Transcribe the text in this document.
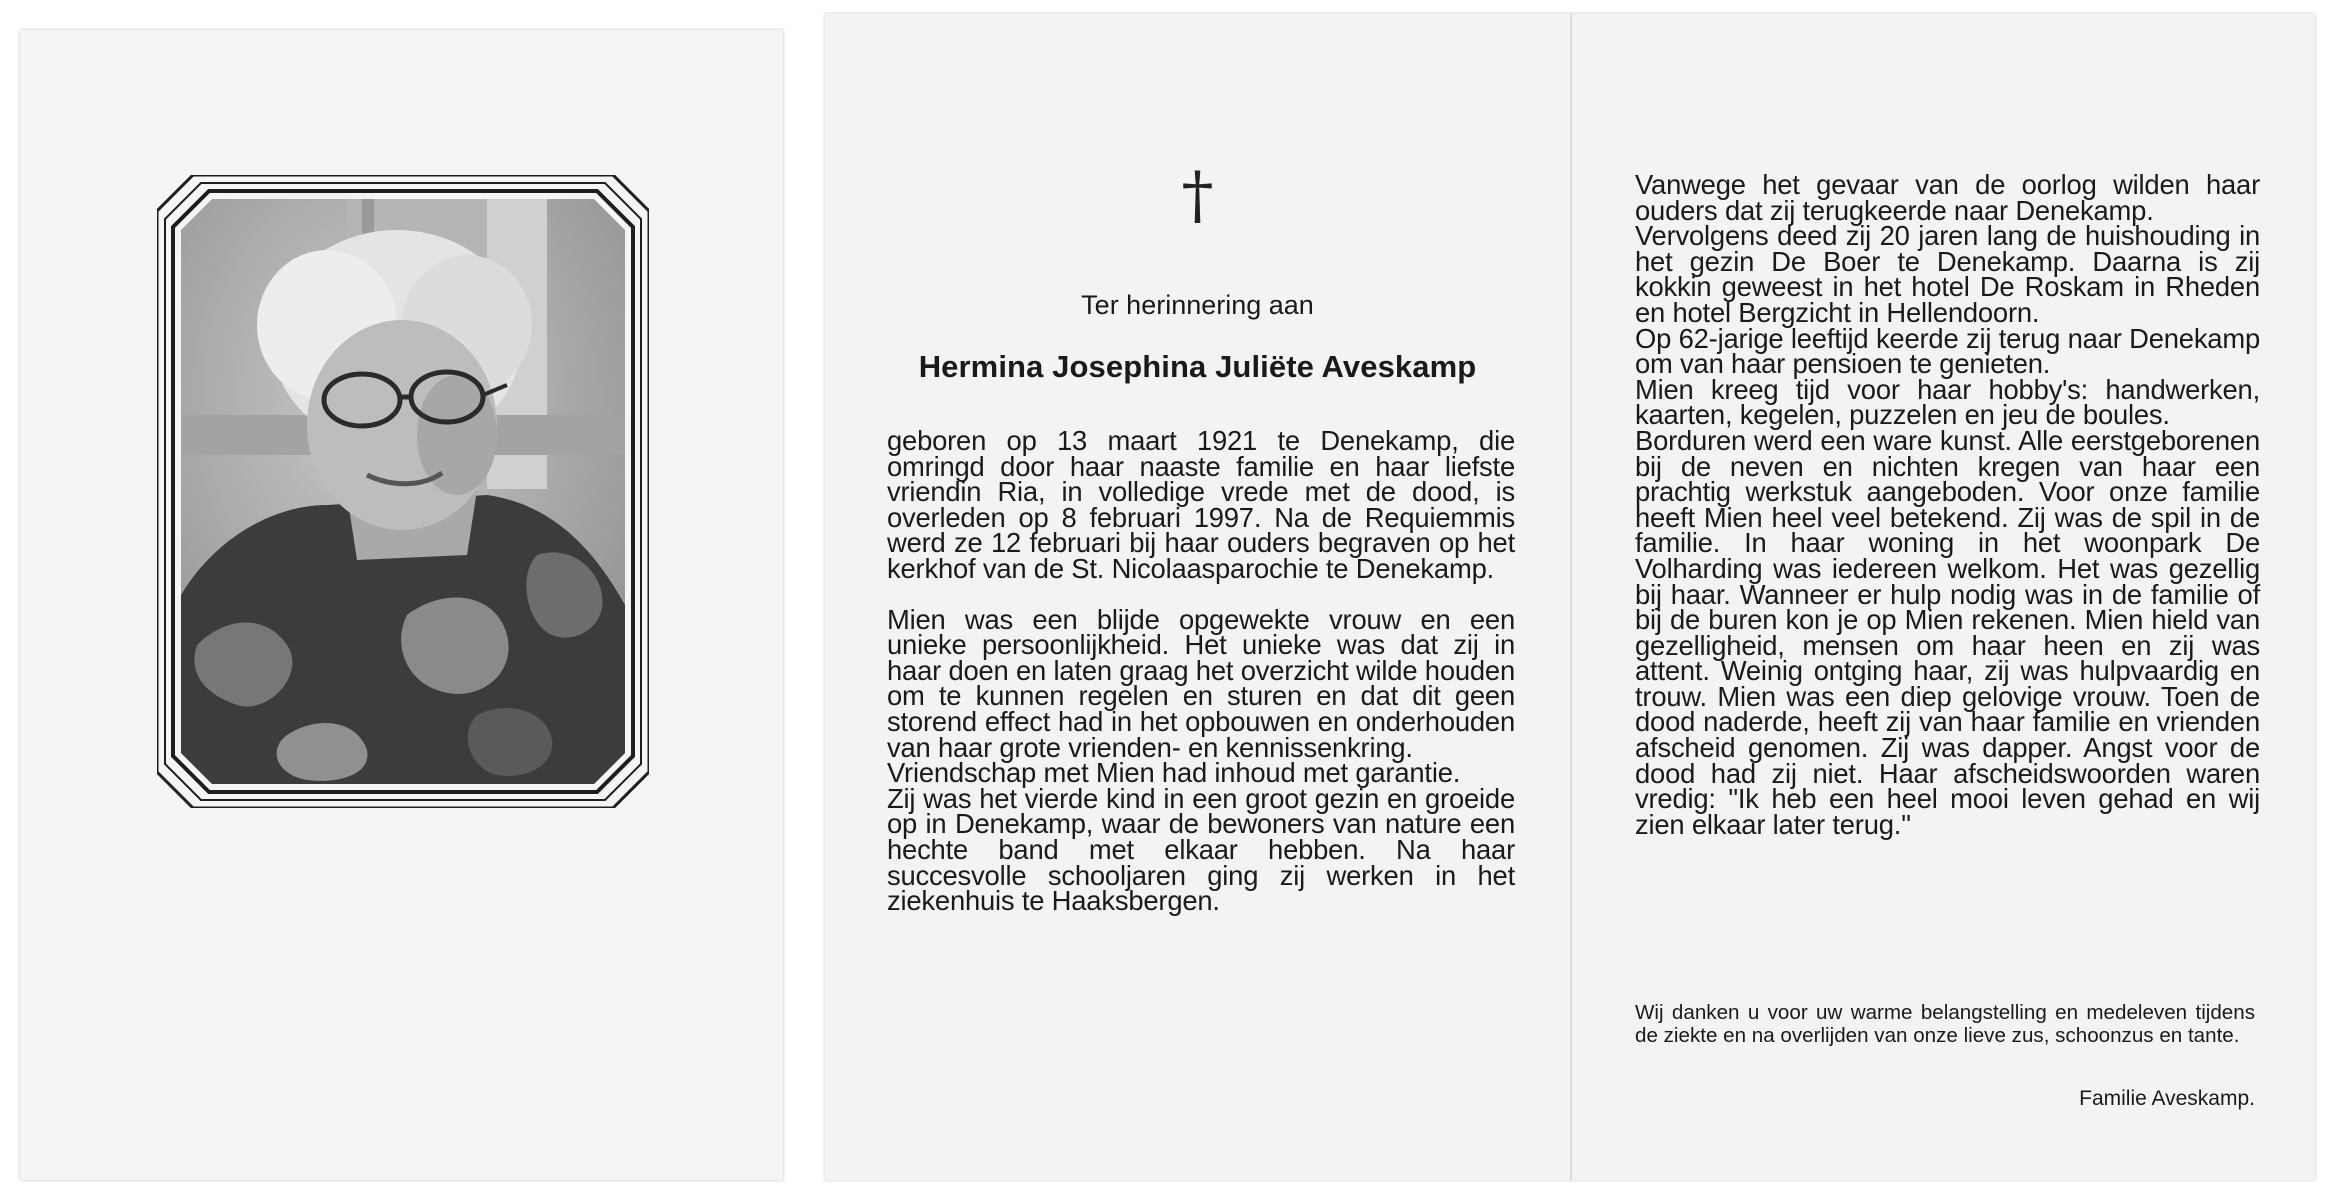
†
Ter herinnering aan
Hermina Josephina Juliëte Aveskamp

geboren op 13 maart 1921 te Denekamp, die omringd door haar naaste familie en haar liefste vriendin Ria, in volledige vrede met de dood, is overleden op 8 februari 1997. Na de Requiemmis werd ze 12 februari bij haar ouders begraven op het kerkhof van de St. Nicolaasparochie te Denekamp.

Mien was een blijde opgewekte vrouw en een unieke persoonlijkheid. Het unieke was dat zij in haar doen en laten graag het overzicht wilde houden om te kunnen regelen en sturen en dat dit geen storend effect had in het opbouwen en onderhouden van haar grote vrienden- en kennissenkring.

Vriendschap met Mien had inhoud met garantie.

Zij was het vierde kind in een groot gezin en groeide op in Denekamp, waar de bewoners van nature een hechte band met elkaar hebben. Na haar succesvolle schooljaren ging zij werken in het ziekenhuis te Haaksbergen.

Vanwege het gevaar van de oorlog wilden haar ouders dat zij terugkeerde naar Denekamp.

Vervolgens deed zij 20 jaren lang de huishouding in het gezin De Boer te Denekamp. Daarna is zij kokkin geweest in het hotel De Roskam in Rheden en hotel Bergzicht in Hellendoorn.

Op 62-jarige leeftijd keerde zij terug naar Denekamp om van haar pensioen te genieten.

Mien kreeg tijd voor haar hobby's: handwerken, kaarten, kegelen, puzzelen en jeu de boules.

Borduren werd een ware kunst. Alle eerstgeborenen bij de neven en nichten kregen van haar een prachtig werkstuk aangeboden. Voor onze familie heeft Mien heel veel betekend. Zij was de spil in de familie. In haar woning in het woonpark De Volharding was iedereen welkom. Het was gezellig bij haar. Wanneer er hulp nodig was in de familie of bij de buren kon je op Mien rekenen. Mien hield van gezelligheid, mensen om haar heen en zij was attent. Weinig ontging haar, zij was hulpvaardig en trouw. Mien was een diep gelovige vrouw. Toen de dood naderde, heeft zij van haar familie en vrienden afscheid genomen. Zij was dapper. Angst voor de dood had zij niet. Haar afscheidswoorden waren vredig: "Ik heb een heel mooi leven gehad en wij zien elkaar later terug."

Wij danken u voor uw warme belangstelling en medeleven tijdens de ziekte en na overlijden van onze lieve zus, schoonzus en tante.
Familie Aveskamp.
